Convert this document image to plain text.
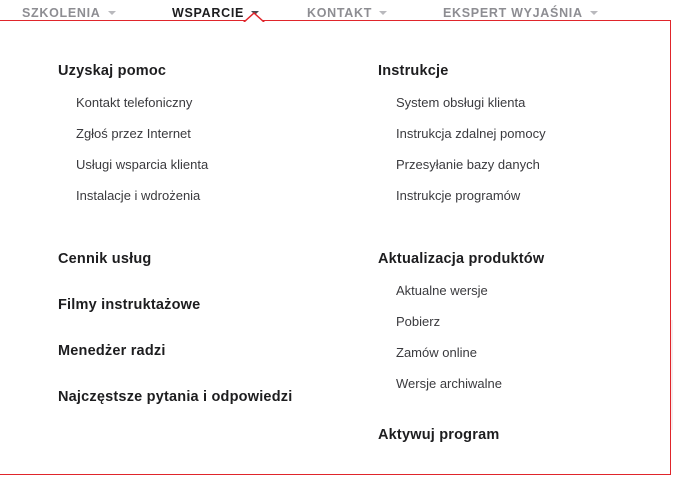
SZKOLENIA	WSPARCIE	KONTAKT	EKSPERT WYJAŚNIA
Uzyskaj pomoc
Kontakt telefoniczny
Zgłoś przez Internet
Usługi wsparcia klienta
Instalacje i wdrożenia
Cennik usług
Filmy instruktażowe
Menedżer radzi
Najczęstsze pytania i odpowiedzi
Instrukcje
System obsługi klienta
Instrukcja zdalnej pomocy
Przesyłanie bazy danych
Instrukcje programów
Aktualizacja produktów
Aktualne wersje
Pobierz
Zamów online
Wersje archiwalne
Aktywuj program
